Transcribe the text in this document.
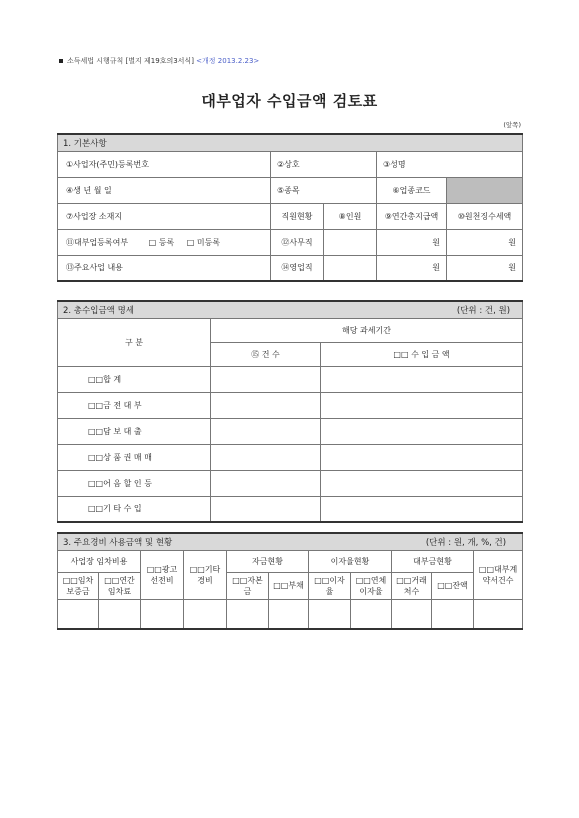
소득세법 시행규칙 [별지 제19호의3서식] <개정 2013.2.23>
대부업자 수입금액 검토표
(앞쪽)
1. 기본사항				
①사업자(주민)등록번호	②상호		③성명	
④생 년 월 일	⑤종목		⑥업종코드	
⑦사업장 소재지	직원현황	⑧인원	⑨연간총지급액	⑩원천징수세액
⑪대부업등록여부 □ 등록 □ 미등록	⑫사무직		원	원
⑬주요사업 내용	⑭영업직		원	원
2. 총수입금액 명세 (단위 : 건, 원)		

구 분	해당 과세기간	
	⑮ 건 수	□□ 수 입 금 액
□□합 계		
□□금 전 대 부		
□□담 보 대 출		
□□상 품 권 매 매		
□□어 음 할 인 등		
□□기 타 수 입		
3. 주요경비 사용금액 및 현황 (단위 : 원, 개, %, 건)										

사업장 임차비용		□□광고선전비	□□기타경비	자금현황		이자율현황		대부금현황		□□대부계약서건수
□□임차보증금	□□연간임차료			□□자본금	□□부채	□□이자율	□□연체이자율	□□거래처수	□□잔액	
